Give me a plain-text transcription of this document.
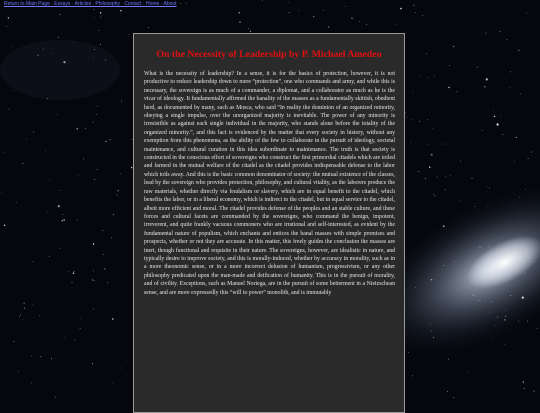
Return to Main Page · Essays · Articles · Philosophy · Contact · Home · About
On the Necessity of Leadership by P. Michael Amedeo
What is the necessity of leadership? In a sense, it is for the basics of protection, however, it is not productive to reduce leadership down to mere “protection”, one who commands and army, and while this is necessary, the sovereign is as much of a commander, a diplomat, and a collaborator as much as he is the vicar of ideology. It fundamentally affirmed the banality of the masses as a fundamentally skittish, obedient herd, as documented by many, such as Mosca, who said “In reality the dominion of an organized minority, obeying a single impulse, over the unorganized majority is inevitable. The power of any minority is irresistible as against each single individual in the majority, who stands alone before the totality of the organized minority.”, and this fact is evidenced by the matter that every society in history, without any exemption from this phenomena, as the ability of the few to collaborate in the pursuit of ideology, societal maintenance, and cultural curation in this idea subordinate to maintenance. The truth is that society is constructed in the conscious effort of sovereigns who construct the first primordial citadels which are toiled and farmed in the mutual welfare of the citadel as the citadel provides indispensable defense to the labor which toils away. And this is the basic common denominator of society: the mutual existence of the classes, lead by the sovereign who provides protection, philosophy, and cultural vitality, as the laborers produce the raw materials, whether directly via feudalism or slavery, which are in equal benefit to the citadel, which benefits the labor, or in a liberal economy, which is indirect to the citadel, but in equal service to the citadel, albeit more efficient and moral. The citadel provides defense of the peoples and an stable culture, and these forces and cultural facets are commanded by the sovereigns, who command the benign, impotent, irreverent, and quite frankly vacuous commoners who are irrational and self-interested, as evident by the fundamental nature of populism, which enchants and entices the banal masses with simple promises and prospects, whether or not they are accurate. In this matter, this freely guides the conclusion the masses are inert, though functional and requisite in their nature. The sovereigns, however, are idealistic in nature, and typically desire to improve society, and this is morally-induced, whether by accuracy in morality, such as in a more theonomic sense, or in a more incorrect delusion of humanism, progressivism, or any other philosophy predicated upon the man-made and deification of humanity. This is in the pursuit of morality, and of civility. Exceptions, such as Manuel Noriega, are in the pursuit of some betterment in a Nietzschean sense, and are more expressedly this “will to power” monolith, and is immutably
